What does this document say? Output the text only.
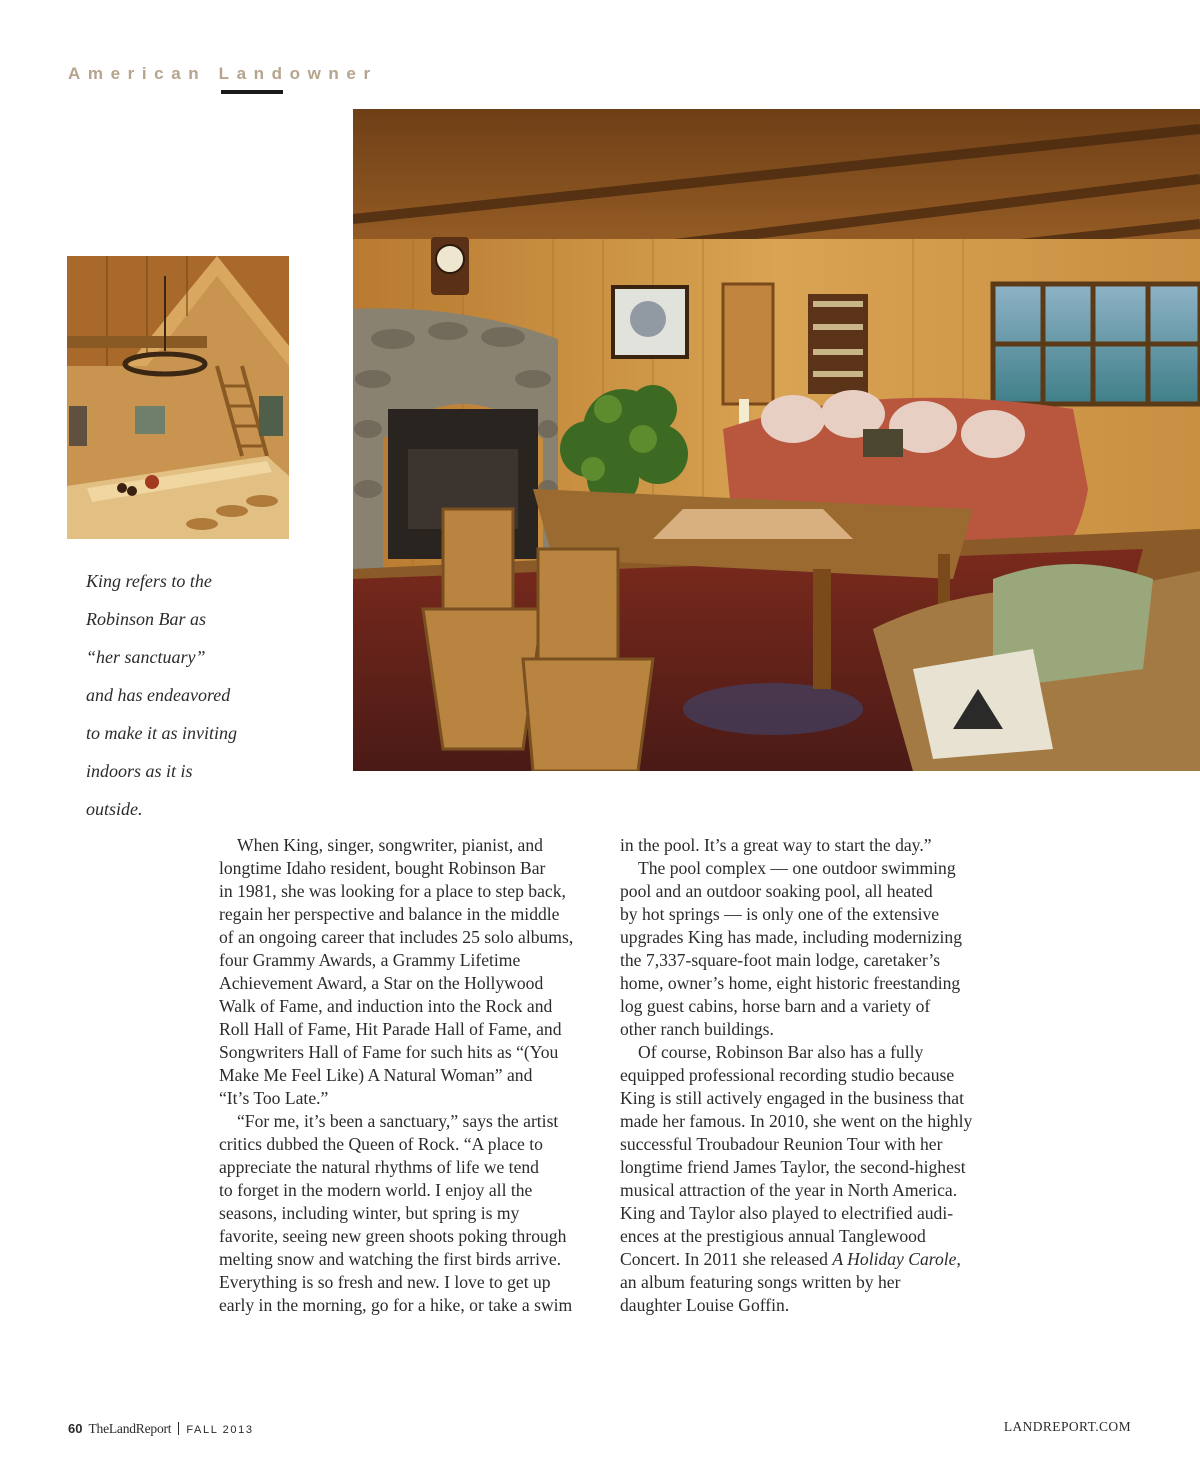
American Landowner
King refers to the
Robinson Bar as
“her sanctuary”
and has endeavored
to make it as inviting
indoors as it is
outside.

When King, singer, songwriter, pianist, and
longtime Idaho resident, bought Robinson Bar
in 1981, she was looking for a place to step back,
regain her perspective and balance in the middle
of an ongoing career that includes 25 solo albums,
four Grammy Awards, a Grammy Lifetime
Achievement Award, a Star on the Hollywood
Walk of Fame, and induction into the Rock and
Roll Hall of Fame, Hit Parade Hall of Fame, and
Songwriters Hall of Fame for such hits as “(You
Make Me Feel Like) A Natural Woman” and
“It’s Too Late.”

“For me, it’s been a sanctuary,” says the artist
critics dubbed the Queen of Rock. “A place to
appreciate the natural rhythms of life we tend
to forget in the modern world. I enjoy all the
seasons, including winter, but spring is my
favorite, seeing new green shoots poking through
melting snow and watching the first birds arrive.
Everything is so fresh and new. I love to get up
early in the morning, go for a hike, or take a swim

in the pool. It’s a great way to start the day.”

The pool complex — one outdoor swimming
pool and an outdoor soaking pool, all heated
by hot springs — is only one of the extensive
upgrades King has made, including modernizing
the 7,337-square-foot main lodge, caretaker’s
home, owner’s home, eight historic freestanding
log guest cabins, horse barn and a variety of
other ranch buildings.

Of course, Robinson Bar also has a fully
equipped professional recording studio because
King is still actively engaged in the business that
made her famous. In 2010, she went on the highly
successful Troubadour Reunion Tour with her
longtime friend James Taylor, the second-highest
musical attraction of the year in North America.
King and Taylor also played to electrified audi-
ences at the prestigious annual Tanglewood
Concert. In 2011 she released A Holiday Carole,
an album featuring songs written by her
daughter Louise Goffin.

60 TheLandReport FALL 2013	LANDREPORT.COM
